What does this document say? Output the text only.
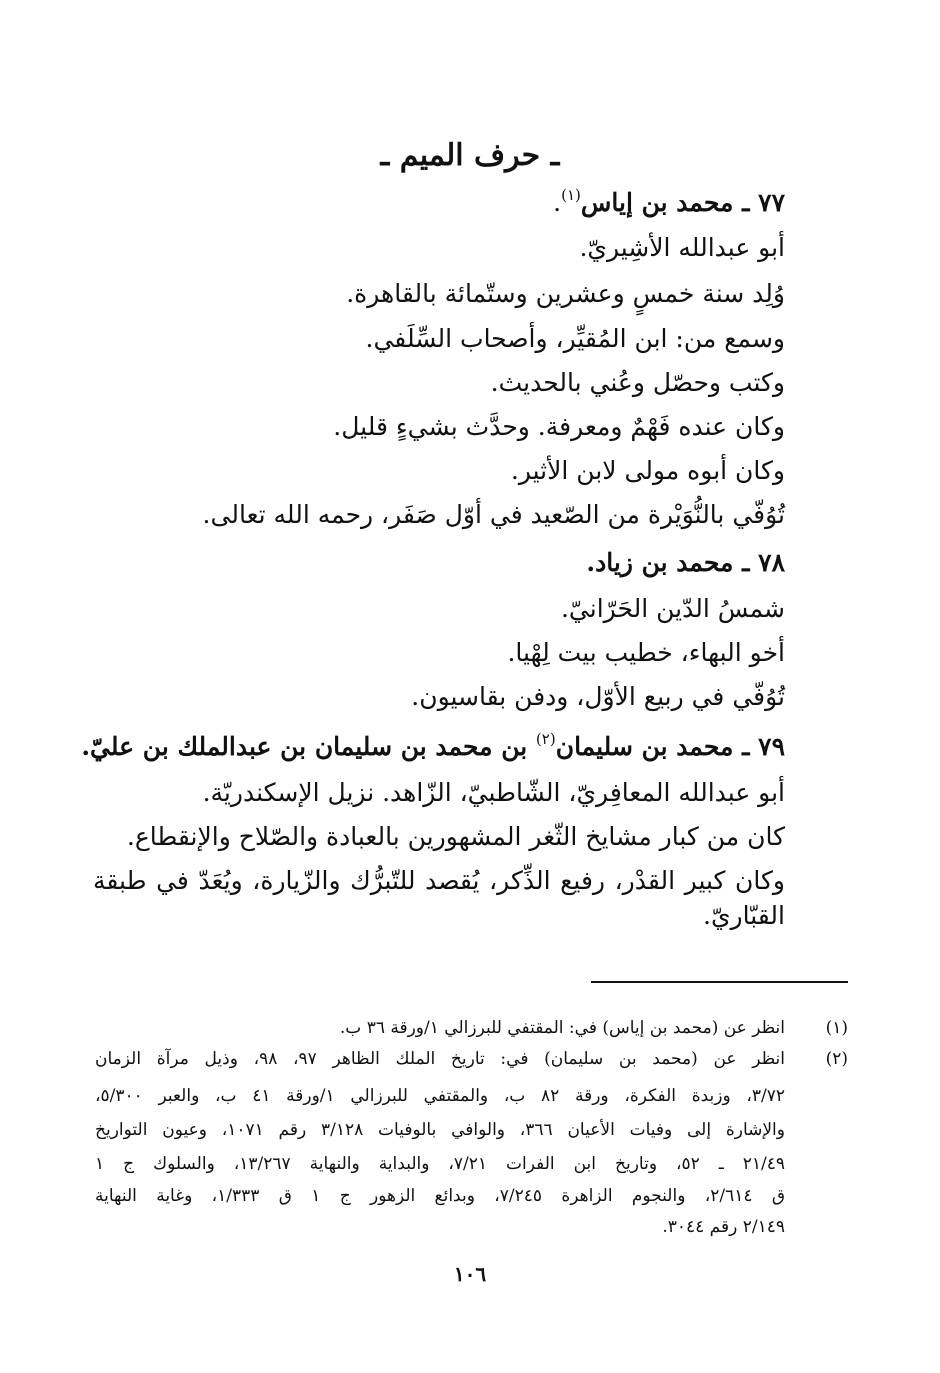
ـ حرف الميم ـ
٧٧ ـ محمد بن إياس$^{(١)}$.
أبو عبدالله الأشِيريّ.
وُلِد سنة خمسٍ وعشرين وستّمائة بالقاهرة.
وسمع من: ابن المُقيِّر، وأصحاب السِّلَفي.
وكتب وحصّل وعُني بالحديث.
وكان عنده فَهْمٌ ومعرفة. وحدَّث بشيءٍ قليل.
وكان أبوه مولى لابن الأثير.
تُوُفّي بالنُّوَيْرة من الصّعيد في أوّل صَفَر، رحمه الله تعالى.
٧٨ ـ محمد بن زياد.
شمسُ الدّين الحَرّانيّ.
أخو البهاء، خطيب بيت لِهْيا.
تُوُفّي في ربيع الأوّل، ودفن بقاسيون.
٧٩ ـ محمد بن سليمان$^{(٢)}$ بن محمد بن سليمان بن عبدالملك بن عليّ.
أبو عبدالله المعافِريّ، الشّاطبيّ، الزّاهد. نزيل الإسكندريّة.
كان من كبار مشايخ الثّغر المشهورين بالعبادة والصّلاح والإنقطاع.
وكان كبير القدْر، رفيع الذِّكر، يُقصد للتّبرُّك والزّيارة، ويُعَدّ في طبقة
القبّاريّ.
(١)
انظر عن (محمد بن إياس) في: المقتفي للبرزالي ١/ورقة ٣٦ ب.
(٢)
انظر عن (محمد بن سليمان) في: تاريخ الملك الظاهر ٩٧، ٩٨، وذيل مرآة الزمان
٣/٧٢، وزبدة الفكرة، ورقة ٨٢ ب، والمقتفي للبرزالي ١/ورقة ٤١ ب، والعبر ٥/٣٠٠،
والإشارة إلى وفيات الأعيان ٣٦٦، والوافي بالوفيات ٣/١٢٨ رقم ١٠٧١، وعيون التواريخ
٢١/٤٩ ـ ٥٢، وتاريخ ابن الفرات ٧/٢١، والبداية والنهاية ١٣/٢٦٧، والسلوك ج ١
ق ٢/٦١٤، والنجوم الزاهرة ٧/٢٤٥، وبدائع الزهور ج ١ ق ١/٣٣٣، وغاية النهاية
٢/١٤٩ رقم ٣٠٤٤.
١٠٦
